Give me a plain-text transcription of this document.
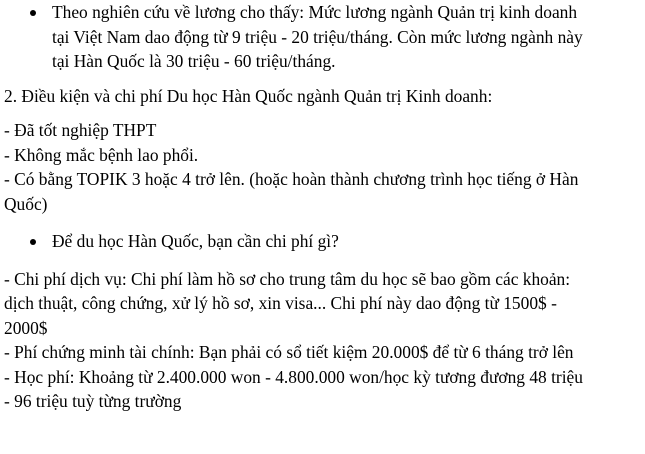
Theo nghiên cứu về lương cho thấy: Mức lương ngành Quản trị kinh doanh
tại Việt Nam dao động từ 9 triệu - 20 triệu/tháng. Còn mức lương ngành này
tại Hàn Quốc là 30 triệu - 60 triệu/tháng.

2. Điều kiện và chi phí Du học Hàn Quốc ngành Quản trị Kinh doanh:

- Đã tốt nghiệp THPT
- Không mắc bệnh lao phổi.
- Có bằng TOPIK 3 hoặc 4 trở lên. (hoặc hoàn thành chương trình học tiếng ở Hàn
Quốc)

Để du học Hàn Quốc, bạn cần chi phí gì?

- Chi phí dịch vụ: Chi phí làm hồ sơ cho trung tâm du học sẽ bao gồm các khoản:
dịch thuật, công chứng, xử lý hồ sơ, xin visa... Chi phí này dao động từ 1500$ -
2000$
- Phí chứng minh tài chính: Bạn phải có sổ tiết kiệm 20.000$ để từ 6 tháng trở lên
- Học phí: Khoảng từ 2.400.000 won - 4.800.000 won/học kỳ tương đương 48 triệu
- 96 triệu tuỳ từng trường
